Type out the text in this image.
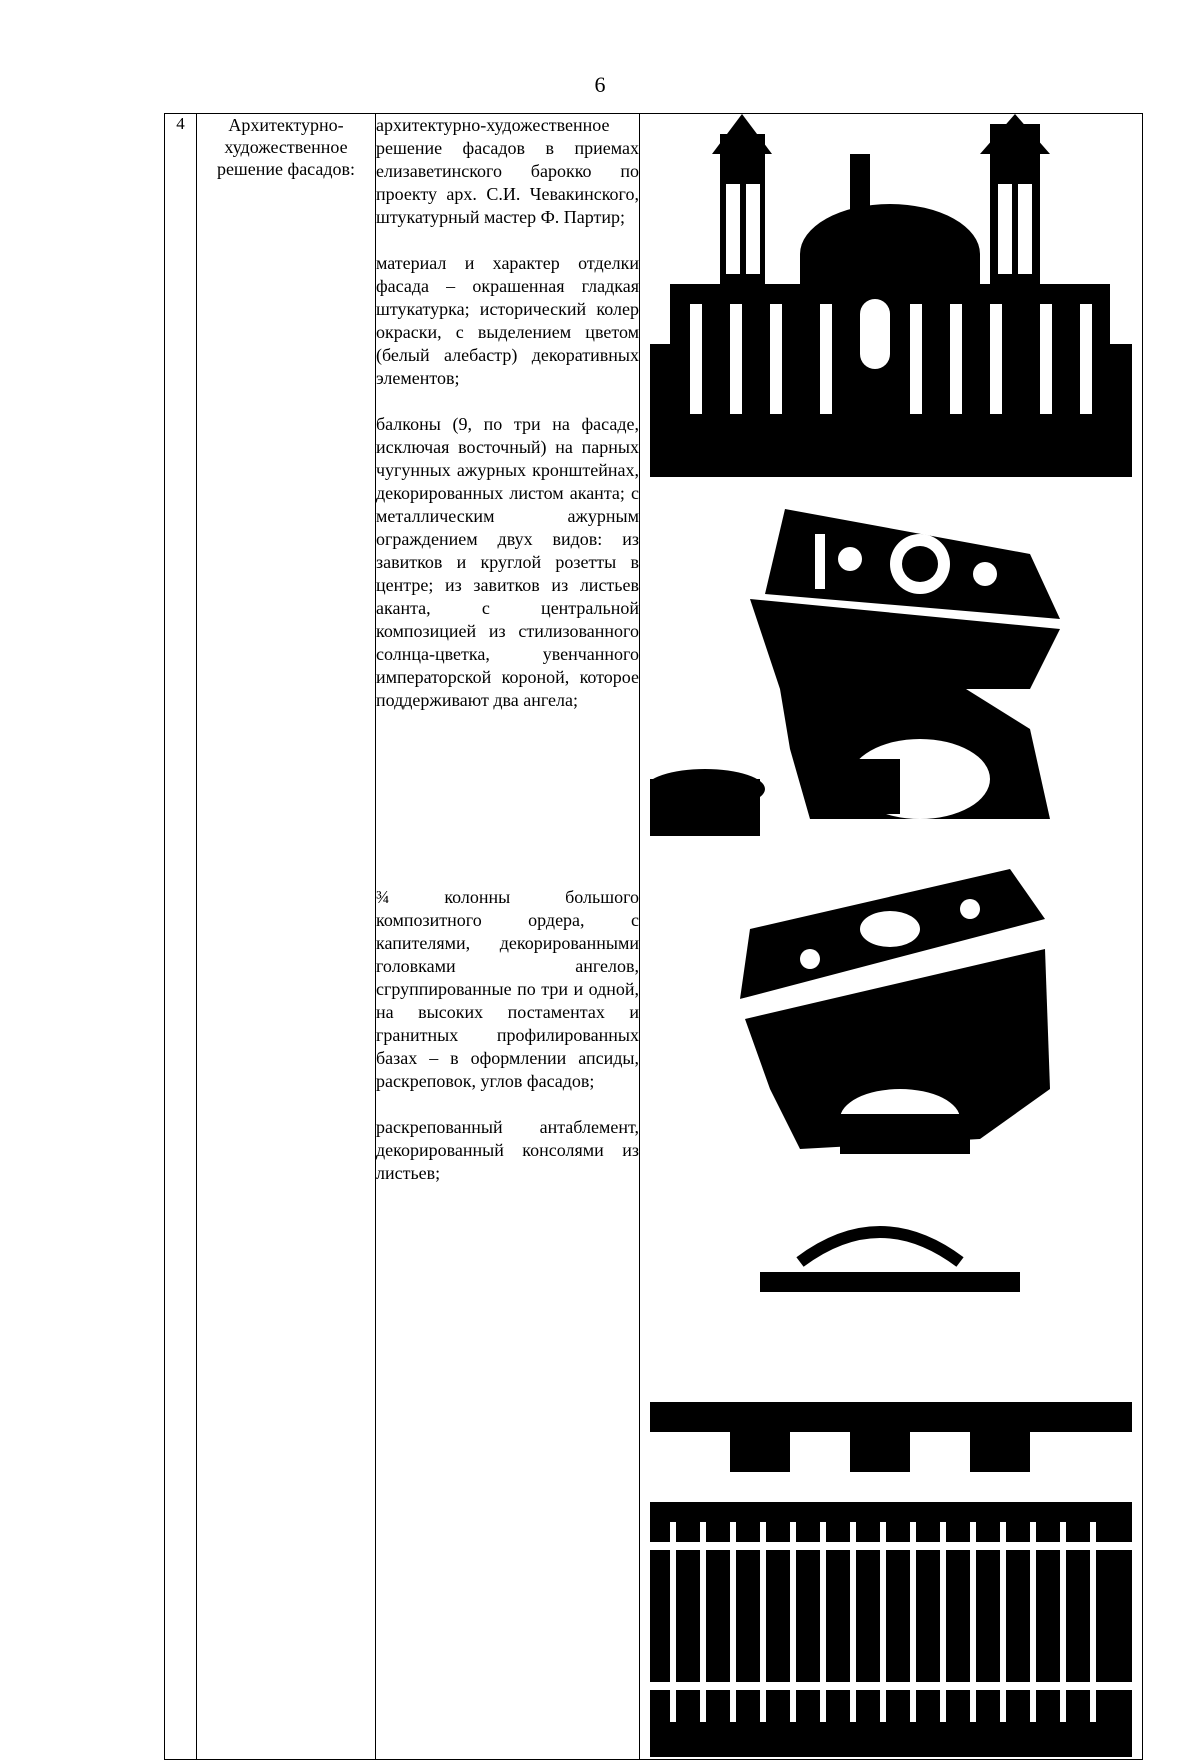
6
4	Архитектурно-художественное решение фасадов:	

архитектурно-художественное решение фасадов в приемах елизаветинского барокко по проекту арх. С.И. Чевакинского, штукатурный мастер Ф. Партир;

материал и характер отделки фасада – окрашенная гладкая штукатурка; исторический колер окраски, с выделением цветом (белый алебастр) декоративных элементов;

балконы (9, по три на фасаде, исключая восточный) на парных чугунных ажурных кронштейнах, декорированных листом аканта; с металлическим ажурным ограждением двух видов: из завитков и круглой розетты в центре; из завитков из листьев аканта, с центральной композицией из стилизованного солнца-цветка, увенчанного императорской короной, которое поддерживают два ангела;

¾ колонны большого композитного ордера, с капителями, декорированными головками ангелов, сгруппированные по три и одной, на высоких постаментах и гранитных профилированных базах – в оформлении апсиды, раскреповок, углов фасадов;

раскрепованный антаблемент, декорированный консолями из листьев;
